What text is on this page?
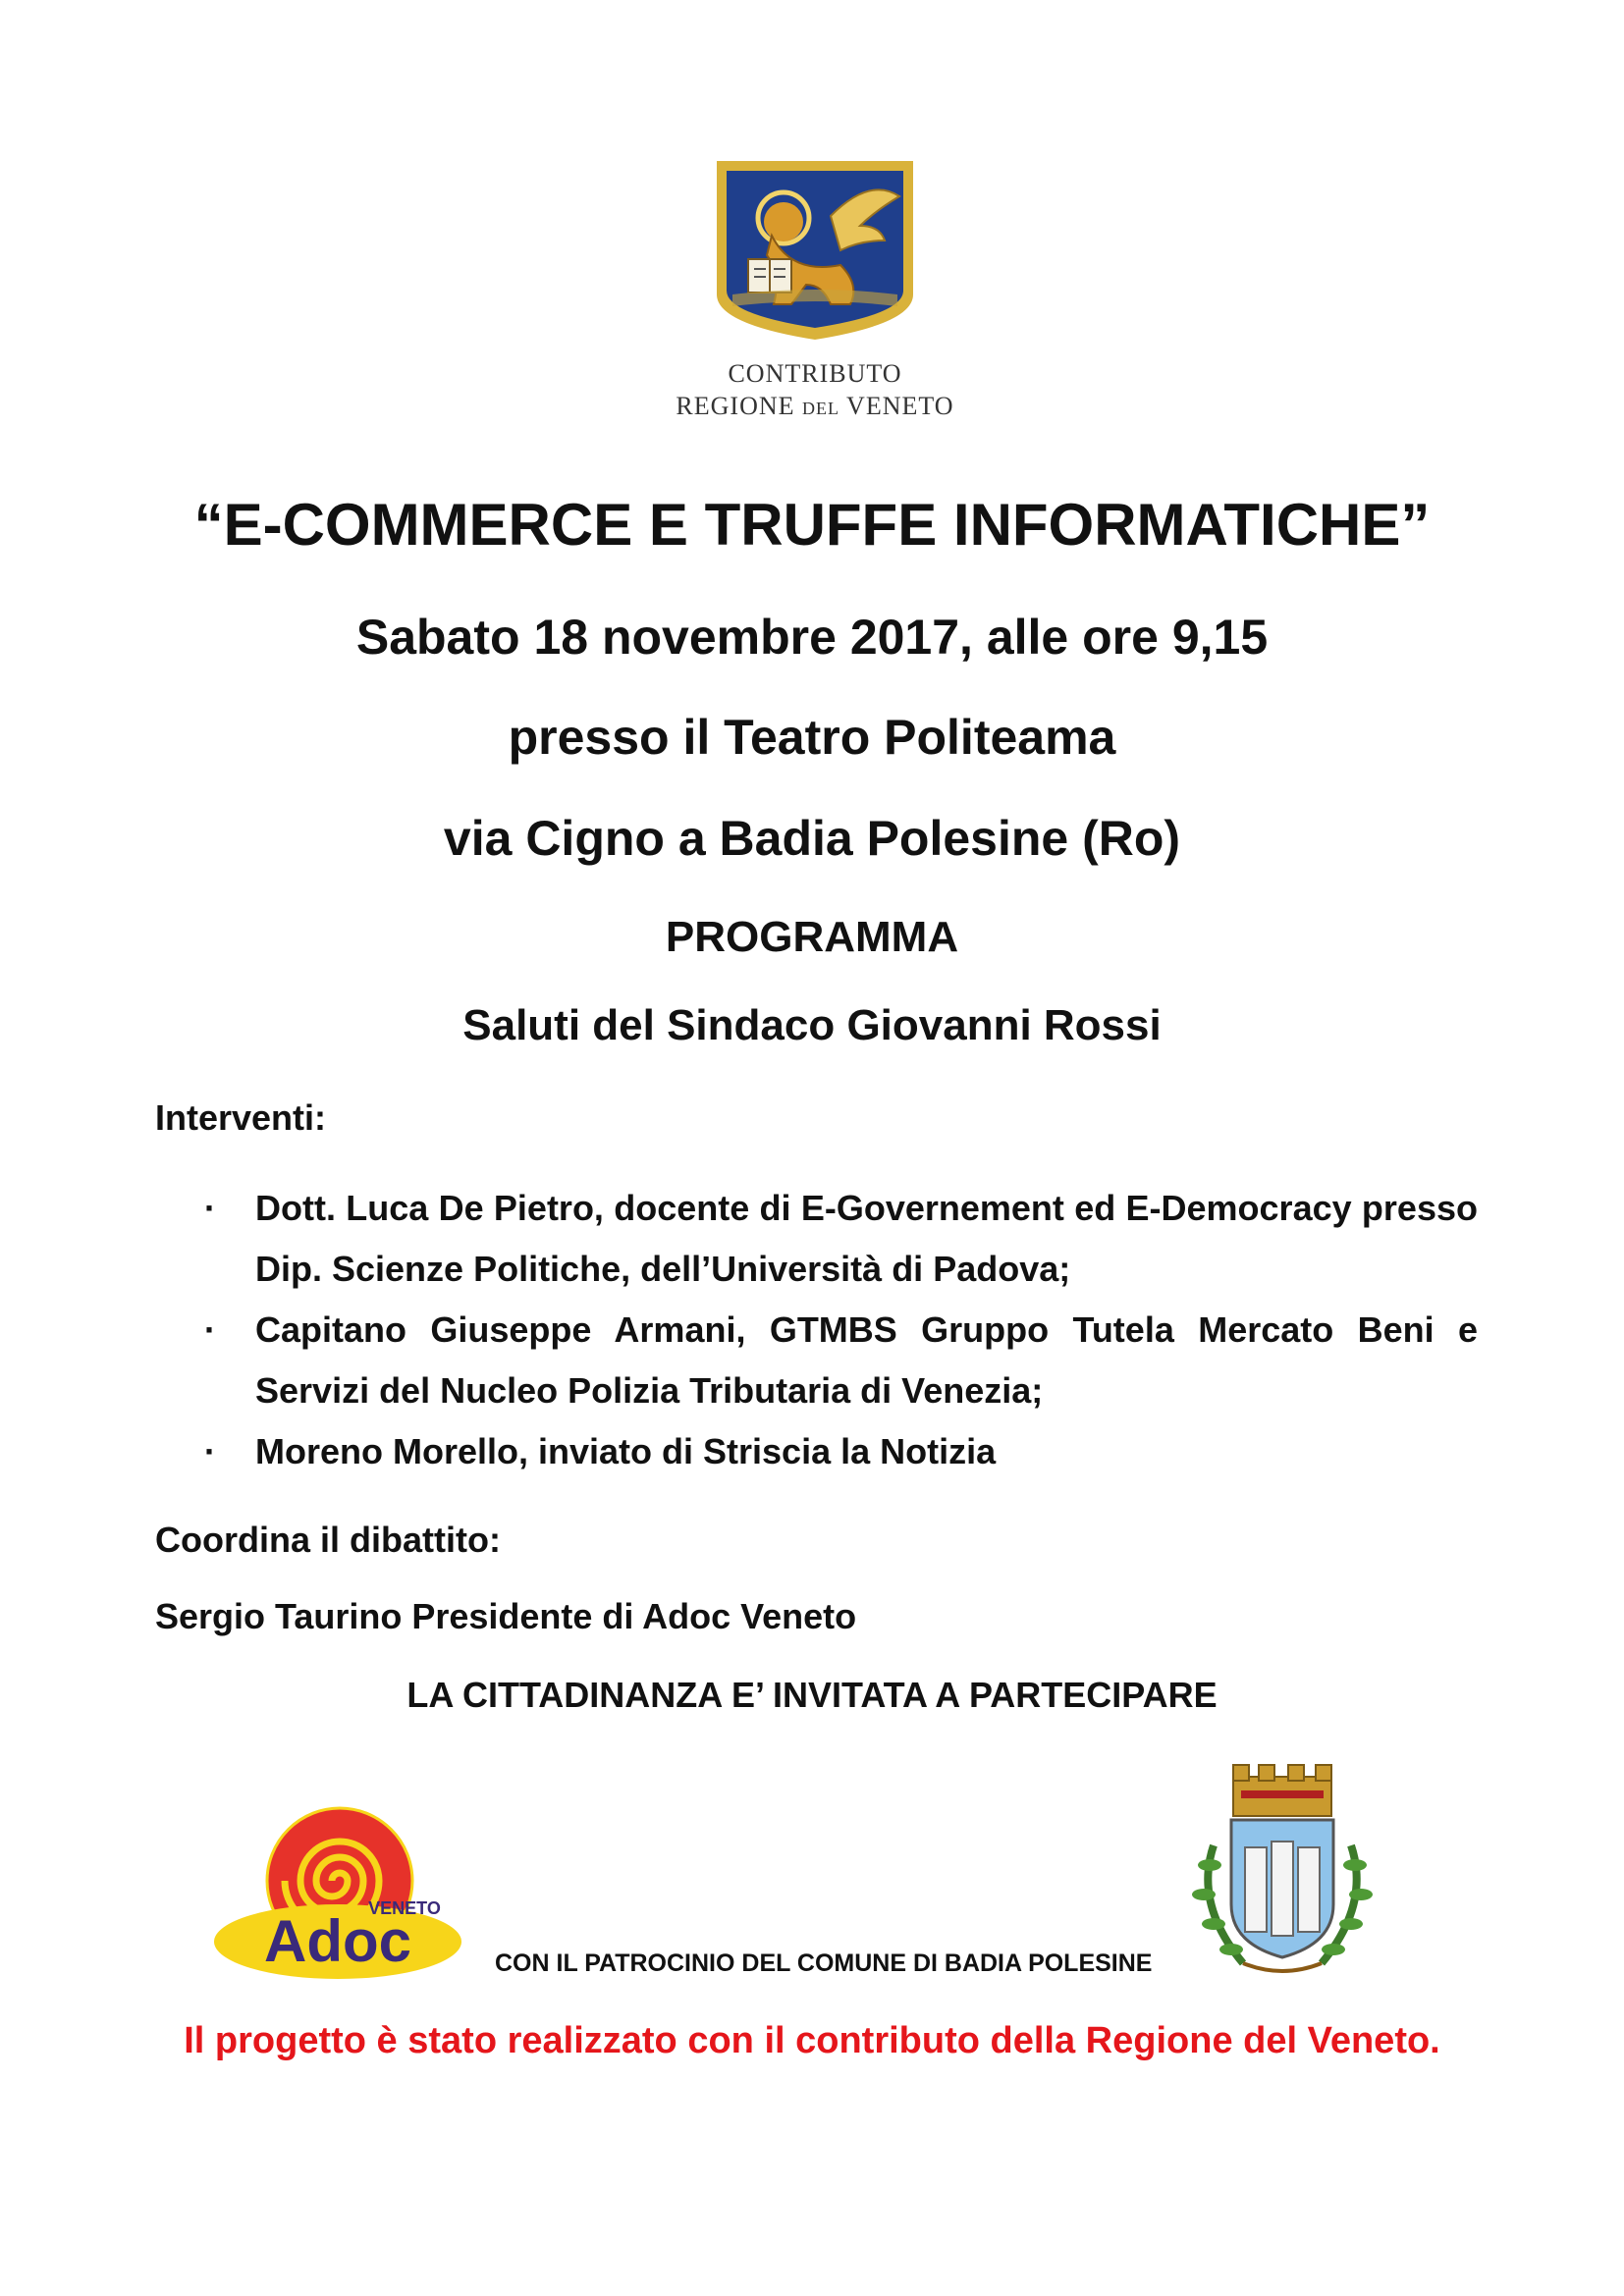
CONTRIBUTO
REGIONE DEL VENETO
“E-COMMERCE E TRUFFE INFORMATICHE”
Sabato 18 novembre 2017, alle ore 9,15
presso il Teatro Politeama
via Cigno a Badia Polesine (Ro)
PROGRAMMA
Saluti del Sindaco Giovanni Rossi
Interventi:
· Dott. Luca De Pietro, docente di E-Governement ed E-Democracy presso Dip. Scienze Politiche, dell’Università di Padova;
· Capitano Giuseppe Armani, GTMBS Gruppo Tutela Mercato Beni e Servizi del Nucleo Polizia Tributaria di Venezia;
· Moreno Morello, inviato di Striscia la Notizia
Coordina il dibattito:
Sergio Taurino Presidente di Adoc Veneto
LA CITTADINANZA E’ INVITATA A PARTECIPARE
Adoc
VENETO
CON IL PATROCINIO DEL COMUNE DI BADIA POLESINE
Il progetto è stato realizzato con il contributo della Regione del Veneto.
